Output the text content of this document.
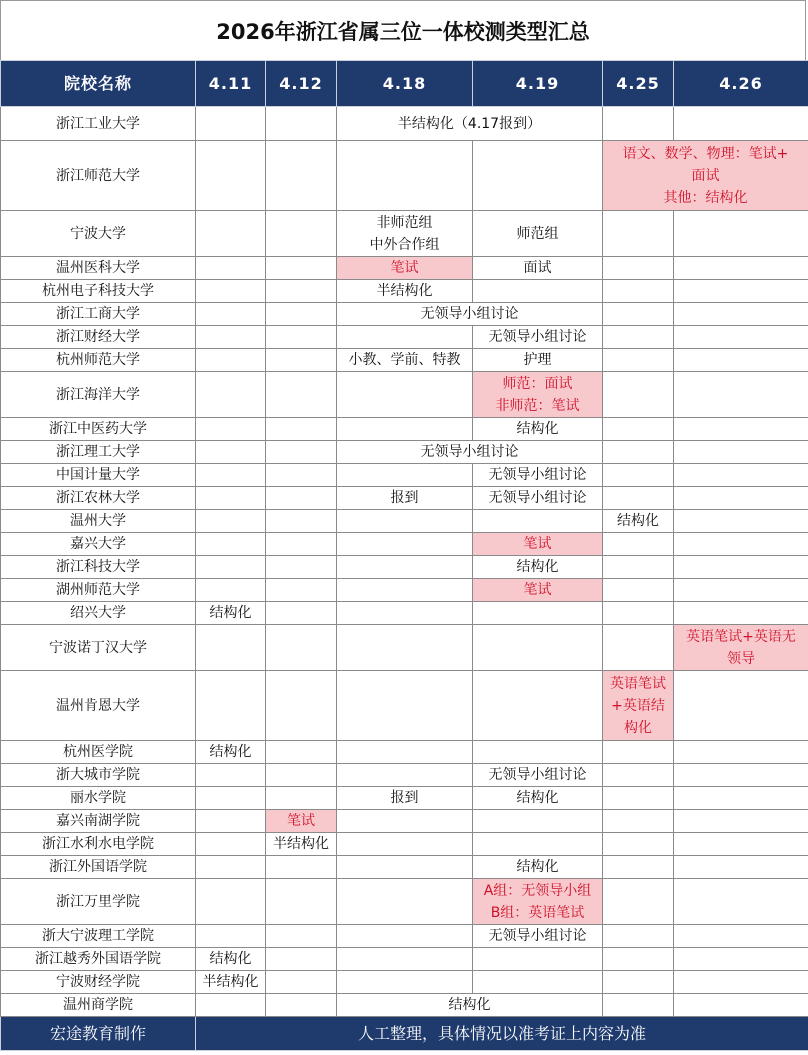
2026年浙江省属三位一体校测类型汇总
院校名称	4.11	4.12	4.18	4.19	4.25	4.26
浙江工业大学			半结构化（4.17报到）			

浙江师范大学					语文、数学、物理：笔试+
面试
其他：结构化	

宁波大学			非师范组
中外合作组	师范组		

温州医科大学			笔试	面试		

杭州电子科技大学			半结构化			

浙江工商大学			无领导小组讨论			

浙江财经大学				无领导小组讨论		

杭州师范大学			小教、学前、特教	护理		

浙江海洋大学				师范：面试
非师范：笔试		

浙江中医药大学				结构化		

浙江理工大学			无领导小组讨论			

中国计量大学				无领导小组讨论		

浙江农林大学			报到	无领导小组讨论		

温州大学					结构化	

嘉兴大学				笔试		

浙江科技大学				结构化		

湖州师范大学				笔试		

绍兴大学	结构化					

宁波诺丁汉大学						英语笔试+英语无
领导

温州肯恩大学					英语笔试
+英语结
构化	

杭州医学院	结构化					

浙大城市学院				无领导小组讨论		

丽水学院			报到	结构化		

嘉兴南湖学院		笔试				

浙江水利水电学院		半结构化				

浙江外国语学院				结构化		

浙江万里学院				A组：无领导小组
B组：英语笔试		

浙大宁波理工学院				无领导小组讨论		

浙江越秀外国语学院	结构化					

宁波财经学院	半结构化					

温州商学院			结构化			

宏途教育制作	人工整理，具体情况以准考证上内容为准					
